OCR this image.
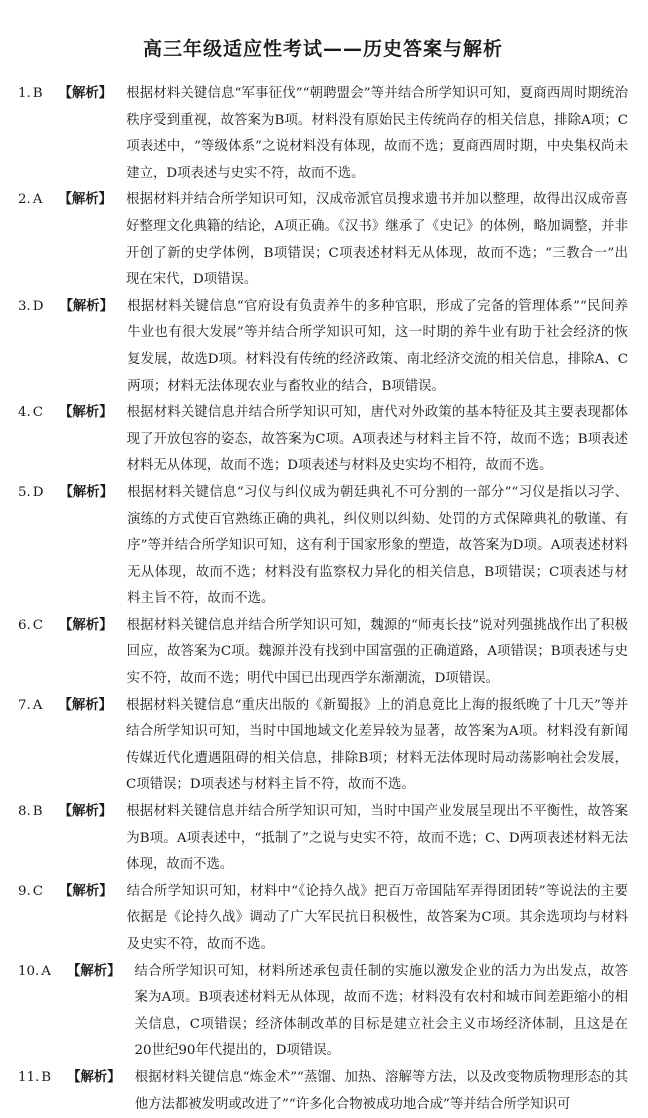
高三年级适应性考试——历史答案与解析
1. B 【解析】	根据材料关键信息“军事征伐”“朝聘盟会”等并结合所学知识可知，夏商西周时期统治秩序受到重视，故答案为B项。材料没有原始民主传统尚存的相关信息，排除A项；C项表述中，“等级体系”之说材料没有体现，故而不选；夏商西周时期，中央集权尚未建立，D项表述与史实不符，故而不选。
2. A 【解析】	根据材料并结合所学知识可知，汉成帝派官员搜求遗书并加以整理，故得出汉成帝喜好整理文化典籍的结论，A项正确。《汉书》继承了《史记》的体例，略加调整，并非开创了新的史学体例，B项错误；C项表述材料无从体现，故而不选；“三教合一”出现在宋代，D项错误。
3. D 【解析】	根据材料关键信息“官府设有负责养牛的多种官职，形成了完备的管理体系”“民间养牛业也有很大发展”等并结合所学知识可知，这一时期的养牛业有助于社会经济的恢复发展，故选D项。材料没有传统的经济政策、南北经济交流的相关信息，排除A、C两项；材料无法体现农业与畜牧业的结合，B项错误。
4. C 【解析】	根据材料关键信息并结合所学知识可知，唐代对外政策的基本特征及其主要表现都体现了开放包容的姿态，故答案为C项。A项表述与材料主旨不符，故而不选；B项表述材料无从体现，故而不选；D项表述与材料及史实均不相符，故而不选。
5. D 【解析】	根据材料关键信息“习仪与纠仪成为朝廷典礼不可分割的一部分”“习仪是指以习学、演练的方式使百官熟练正确的典礼，纠仪则以纠劾、处罚的方式保障典礼的敬谨、有序”等并结合所学知识可知，这有利于国家形象的塑造，故答案为D项。A项表述材料无从体现，故而不选；材料没有监察权力异化的相关信息，B项错误；C项表述与材料主旨不符，故而不选。
6. C 【解析】	根据材料关键信息并结合所学知识可知，魏源的“师夷长技”说对列强挑战作出了积极回应，故答案为C项。魏源并没有找到中国富强的正确道路，A项错误；B项表述与史实不符，故而不选；明代中国已出现西学东渐潮流，D项错误。
7. A 【解析】	根据材料关键信息“重庆出版的《新蜀报》上的消息竟比上海的报纸晚了十几天”等并结合所学知识可知，当时中国地域文化差异较为显著，故答案为A项。材料没有新闻传媒近代化遭遇阻碍的相关信息，排除B项；材料无法体现时局动荡影响社会发展，C项错误；D项表述与材料主旨不符，故而不选。
8. B 【解析】	根据材料关键信息并结合所学知识可知，当时中国产业发展呈现出不平衡性，故答案为B项。A项表述中，“抵制了”之说与史实不符，故而不选；C、D两项表述材料无法体现，故而不选。
9. C 【解析】	结合所学知识可知，材料中“《论持久战》把百万帝国陆军弄得团团转”等说法的主要依据是《论持久战》调动了广大军民抗日积极性，故答案为C项。其余选项均与材料及史实不符，故而不选。
10. A 【解析】	结合所学知识可知，材料所述承包责任制的实施以激发企业的活力为出发点，故答案为A项。B项表述材料无从体现，故而不选；材料没有农村和城市间差距缩小的相关信息，C项错误；经济体制改革的目标是建立社会主义市场经济体制，且这是在20世纪90年代提出的，D项错误。
11. B 【解析】	根据材料关键信息“炼金术”“蒸馏、加热、溶解等方法，以及改变物质物理形态的其他方法都被发明或改进了”“许多化合物被成功地合成”等并结合所学知识可
